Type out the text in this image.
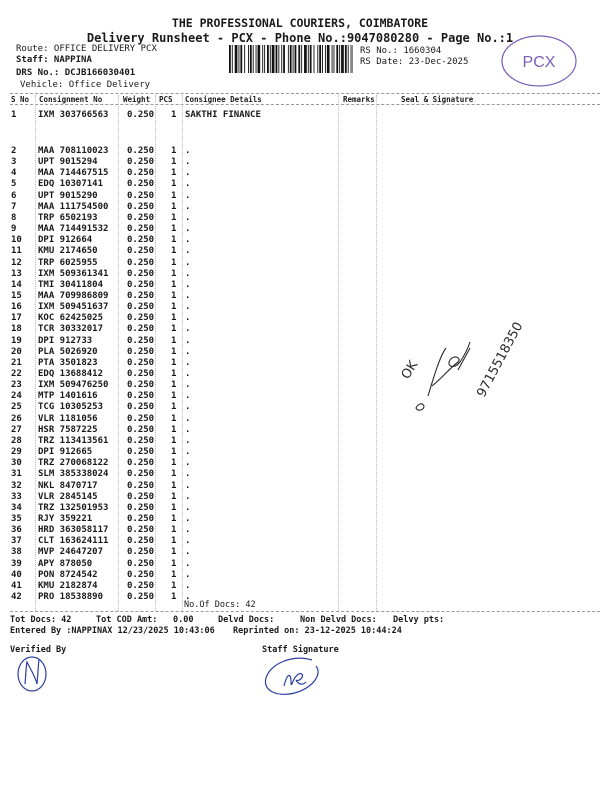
THE PROFESSIONAL COURIERS, COIMBATORE
Delivery Runsheet - PCX - Phone No.:9047080280 - Page No.:1
Route: OFFICE DELIVERY PCX
Staff: NAPPINA
DRS No.: DCJB166030401
Vehicle: Office Delivery
RS No.: 1660304
RS Date: 23-Dec-2025	PCX
S No Consignment No	Weight PCS Consignee Details	Remarks	Seal & Signature
1 IXM 303766563 0.250 1 SAKTHI FINANCE
2 MAA 708110023 0.250 1 .
3 UPT 9015294	0.250 1 .
4 MAA 714467515 0.250 1 .
5 EDQ 10307141	0.250 1 .
6 UPT 9015290	0.250 1 .
7 MAA 111754500 0.250 1 .
8 TRP 6502193	0.250 1 .
9 MAA 714491532 0.250 1 .
10 DPI 912664	0.250 1 .
11 KMU 2174650	0.250 1 .
12 TRP 6025955	0.250 1 .
13 IXM 509361341 0.250 1 .
14 TMI 30411804	0.250 1 .
15 MAA 709986809 0.250 1 .
16 IXM 509451637 0.250 1 .
17 KOC 62425025	0.250 1 .
18 TCR 30332017	0.250 1 .
19 DPI 912733	0.250 1 .
20 PLA 5026920	0.250 1 .
21 PTA 3501823	0.250 1 .
22 EDQ 13688412	0.250 1 .
23 IXM 509476250 0.250 1 .
24 MTP 1401616	0.250 1 .
25 TCG 10305253	0.250 1 .
26 VLR 1181056	0.250 1 .
27 HSR 7587225	0.250 1 .
28 TRZ 113413561 0.250 1 .
29 DPI 912665	0.250 1 .
30 TRZ 270068122 0.250 1 .
31 SLM 385338024 0.250 1 .
32 NKL 8470717	0.250 1 .
33 VLR 2845145	0.250 1 .
34 TRZ 132501953 0.250 1 .
35 RJY 359221	0.250 1 .
36 HRD 363058117 0.250 1 .
37 CLT 163624111 0.250 1 .
38 MVP 24647207	0.250 1 .
39 APY 878050	0.250 1 .
40 PON 8724542	0.250 1 .
41 KMU 2182874	0.250 1 .
42 PRO 18538890	0.250 1 .
No.Of Docs: 42
Tot Docs: 42	Tot COD Amt: 0.00	Delvd Docs:	Non Delvd Docs: Delvy pts:
Entered By :NAPPINAX 12/23/2025 10:43:06 Reprinted on: 23-12-2025 10:44:24
Verified By	Staff Signature
OK	9715518350
